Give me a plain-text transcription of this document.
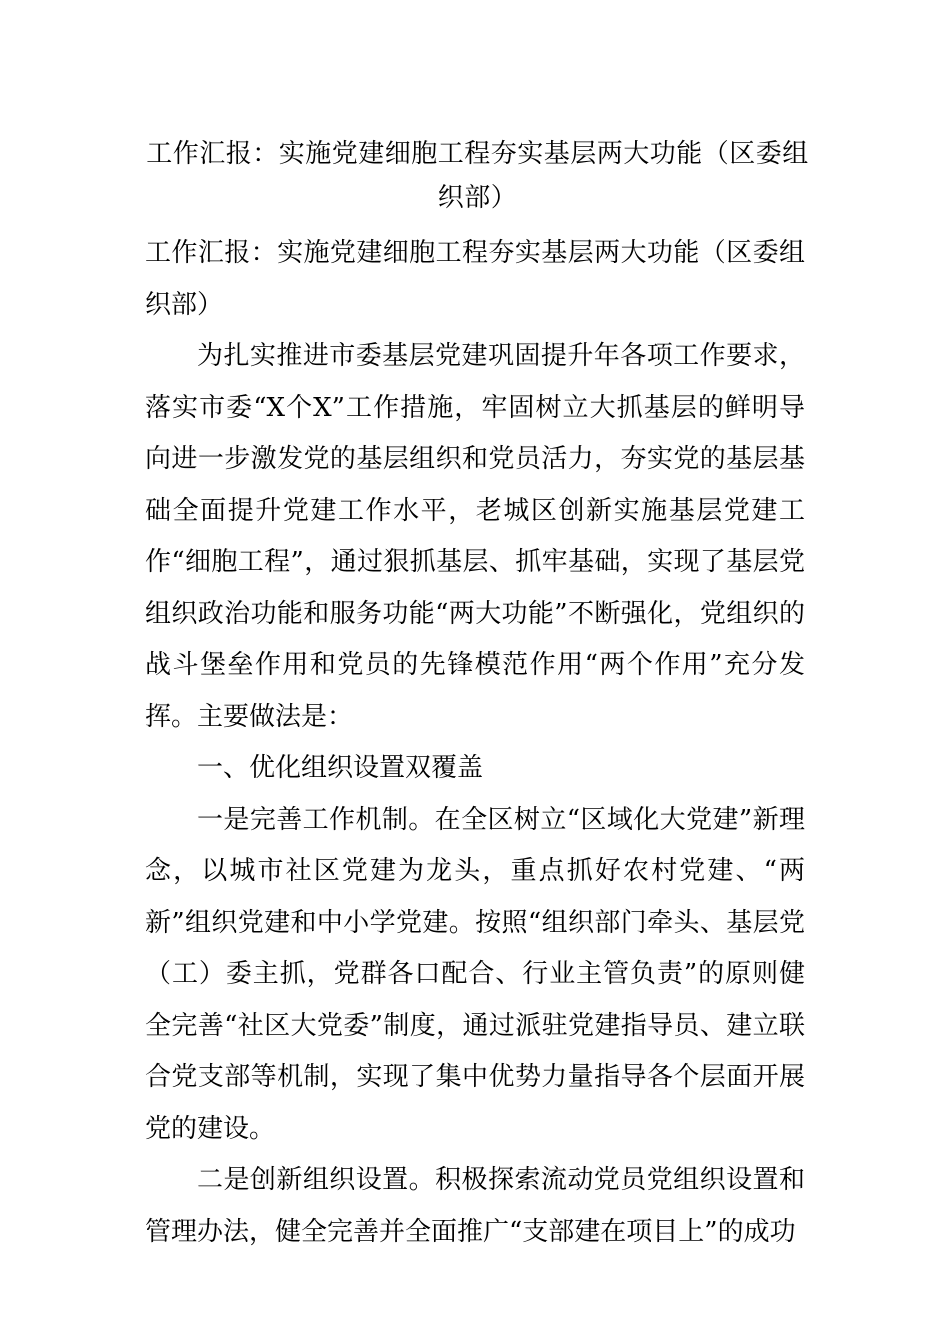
工作汇报：实施党建细胞工程夯实基层两大功能（区委组织部）

工作汇报：实施党建细胞工程夯实基层两大功能（区委组织部）

为扎实推进市委基层党建巩固提升年各项工作要求，落实市委“X个X”工作措施，牢固树立大抓基层的鲜明导向进一步激发党的基层组织和党员活力，夯实党的基层基础全面提升党建工作水平，老城区创新实施基层党建工作“细胞工程”，通过狠抓基层、抓牢基础，实现了基层党组织政治功能和服务功能“两大功能”不断强化，党组织的战斗堡垒作用和党员的先锋模范作用“两个作用”充分发挥。主要做法是：

一、优化组织设置双覆盖

一是完善工作机制。在全区树立“区域化大党建”新理念，以城市社区党建为龙头，重点抓好农村党建、“两新”组织党建和中小学党建。按照“组织部门牵头、基层党（工）委主抓，党群各口配合、行业主管负责”的原则健全完善“社区大党委”制度，通过派驻党建指导员、建立联合党支部等机制，实现了集中优势力量指导各个层面开展党的建设。

二是创新组织设置。积极探索流动党员党组织设置和管理办法，健全完善并全面推广“支部建在项目上”的成功
